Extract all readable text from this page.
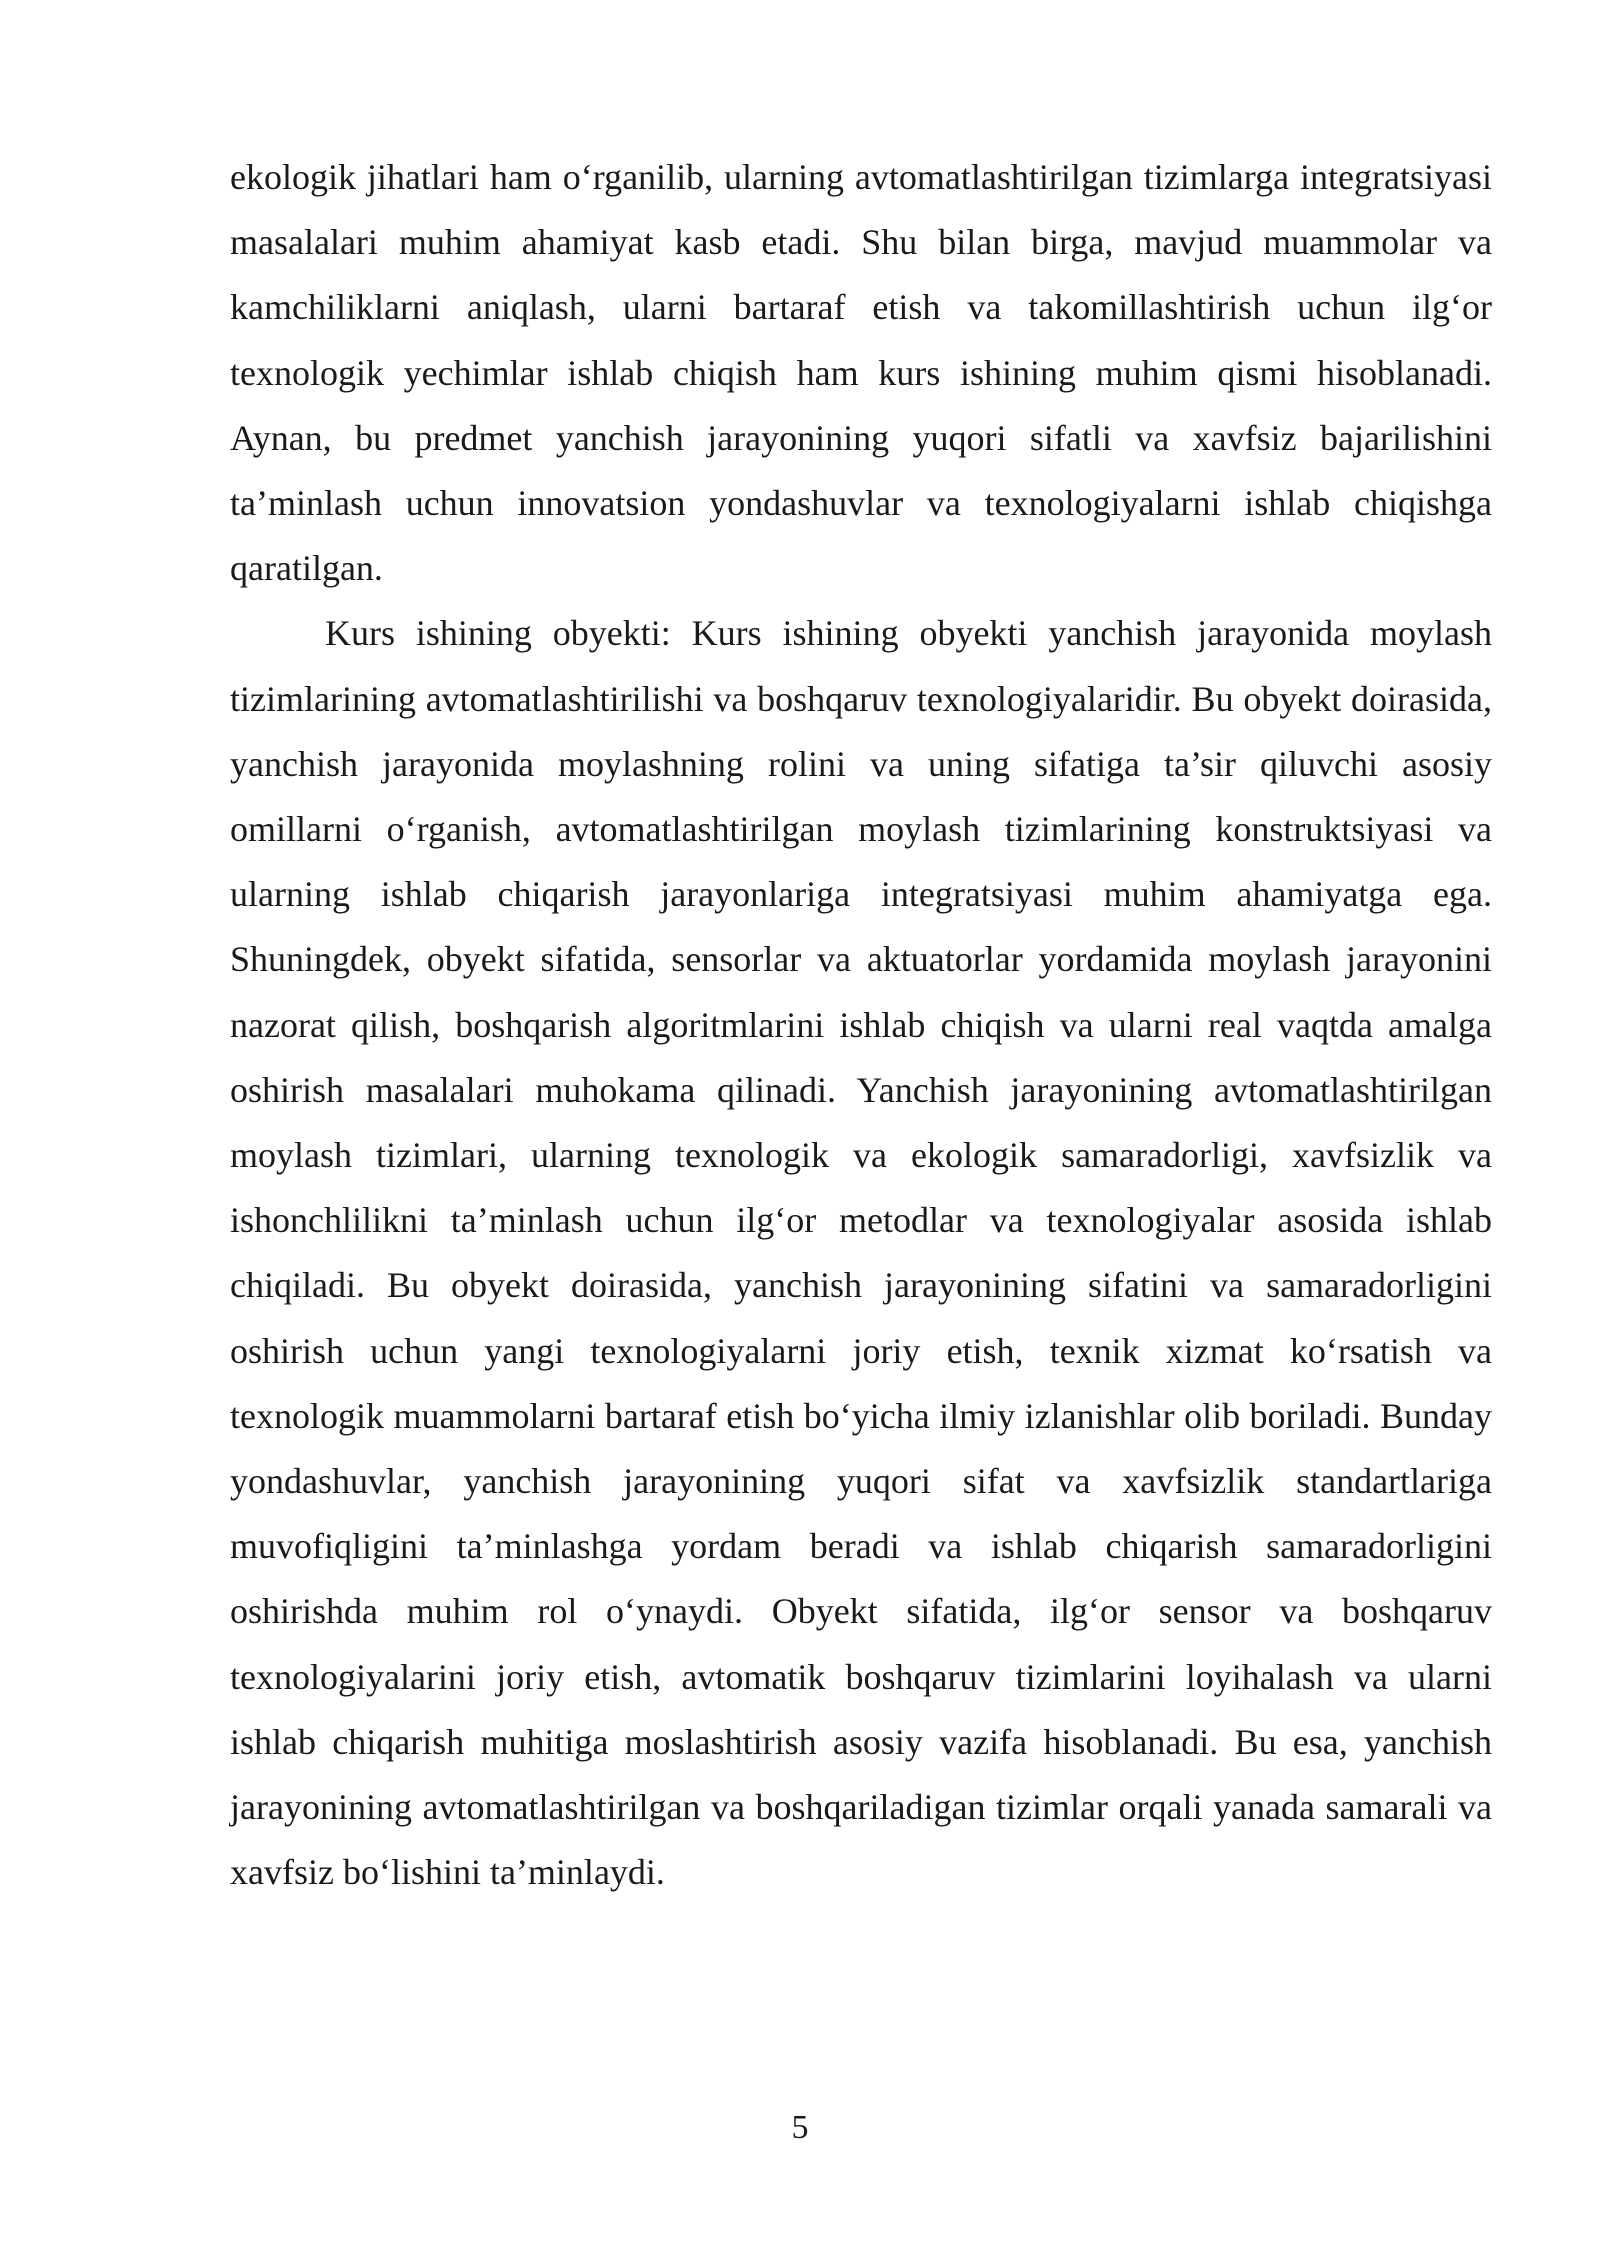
ekologik jihatlari ham o‘rganilib, ularning avtomatlashtirilgan tizimlarga integratsiyasi masalalari muhim ahamiyat kasb etadi. Shu bilan birga, mavjud muammolar va kamchiliklarni aniqlash, ularni bartaraf etish va takomillashtirish uchun ilg‘or texnologik yechimlar ishlab chiqish ham kurs ishining muhim qismi hisoblanadi. Aynan, bu predmet yanchish jarayonining yuqori sifatli va xavfsiz bajarilishini ta’minlash uchun innovatsion yondashuvlar va texnologiyalarni ishlab chiqishga qaratilgan.

Kurs ishining obyekti: Kurs ishining obyekti yanchish jarayonida moylash tizimlarining avtomatlashtirilishi va boshqaruv texnologiyalaridir. Bu obyekt doirasida, yanchish jarayonida moylashning rolini va uning sifatiga ta’sir qiluvchi asosiy omillarni o‘rganish, avtomatlashtirilgan moylash tizimlarining konstruktsiyasi va ularning ishlab chiqarish jarayonlariga integratsiyasi muhim ahamiyatga ega. Shuningdek, obyekt sifatida, sensorlar va aktuatorlar yordamida moylash jarayonini nazorat qilish, boshqarish algoritmlarini ishlab chiqish va ularni real vaqtda amalga oshirish masalalari muhokama qilinadi. Yanchish jarayonining avtomatlashtirilgan moylash tizimlari, ularning texnologik va ekologik samaradorligi, xavfsizlik va ishonchlilikni ta’minlash uchun ilg‘or metodlar va texnologiyalar asosida ishlab chiqiladi. Bu obyekt doirasida, yanchish jarayonining sifatini va samaradorligini oshirish uchun yangi texnologiyalarni joriy etish, texnik xizmat ko‘rsatish va texnologik muammolarni bartaraf etish bo‘yicha ilmiy izlanishlar olib boriladi. Bunday yondashuvlar, yanchish jarayonining yuqori sifat va xavfsizlik standartlariga muvofiqligini ta’minlashga yordam beradi va ishlab chiqarish samaradorligini oshirishda muhim rol o‘ynaydi. Obyekt sifatida, ilg‘or sensor va boshqaruv texnologiyalarini joriy etish, avtomatik boshqaruv tizimlarini loyihalash va ularni ishlab chiqarish muhitiga moslashtirish asosiy vazifa hisoblanadi. Bu esa, yanchish jarayonining avtomatlashtirilgan va boshqariladigan tizimlar orqali yanada samarali va xavfsiz bo‘lishini ta’minlaydi.

5
